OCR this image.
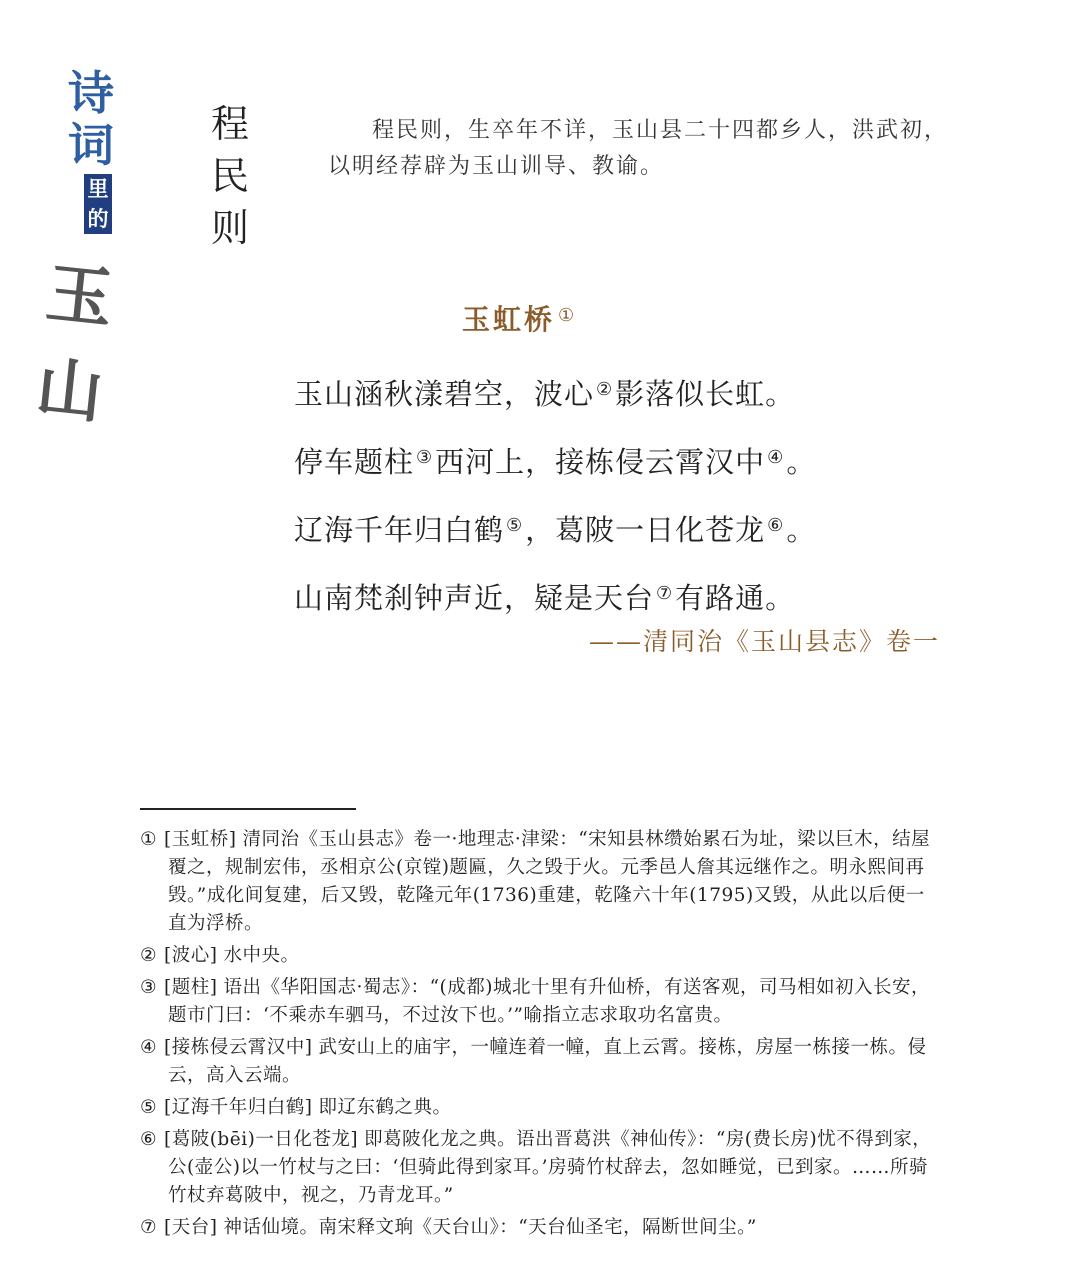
诗
词
里的
玉山
程
民
则
程民则，生卒年不详，玉山县二十四都乡人，洪武初，以明经荐辟为玉山训导、教谕。
玉虹桥 ①
玉山涵秋漾碧空，波心 ②影落似长虹。
停车题柱 ③西河上，接栋侵云霄汉中 ④。
辽海千年归白鹤 ⑤，葛陂一日化苍龙 ⑥。
山南梵刹钟声近，疑是天台 ⑦有路通。
——清同治《玉山县志》卷一
① [玉虹桥] 清同治《玉山县志》卷一·地理志·津梁：“宋知县林缵始累石为址，梁以巨木，结屋覆之，规制宏伟，丞相京公(京镗)题匾，久之毁于火。元季邑人詹其远继作之。明永熙间再毁。”成化间复建，后又毁，乾隆元年(1736)重建，乾隆六十年(1795)又毁，从此以后便一直为浮桥。
② [波心] 水中央。
③ [题柱] 语出《华阳国志·蜀志》：“(成都)城北十里有升仙桥，有送客观，司马相如初入长安，题市门曰：‘不乘赤车驷马，不过汝下也。’”喻指立志求取功名富贵。
④ [接栋侵云霄汉中] 武安山上的庙宇，一幢连着一幢，直上云霄。接栋，房屋一栋接一栋。侵云，高入云端。
⑤ [辽海千年归白鹤] 即辽东鹤之典。
⑥ [葛陂(bēi)一日化苍龙] 即葛陂化龙之典。语出晋葛洪《神仙传》：“房(费长房)忧不得到家，公(壶公)以一竹杖与之曰：‘但骑此得到家耳。’房骑竹杖辞去，忽如睡觉，已到家。……所骑竹杖弃葛陂中，视之，乃青龙耳。”
⑦ [天台] 神话仙境。南宋释文珦《天台山》：“天台仙圣宅，隔断世间尘。”
